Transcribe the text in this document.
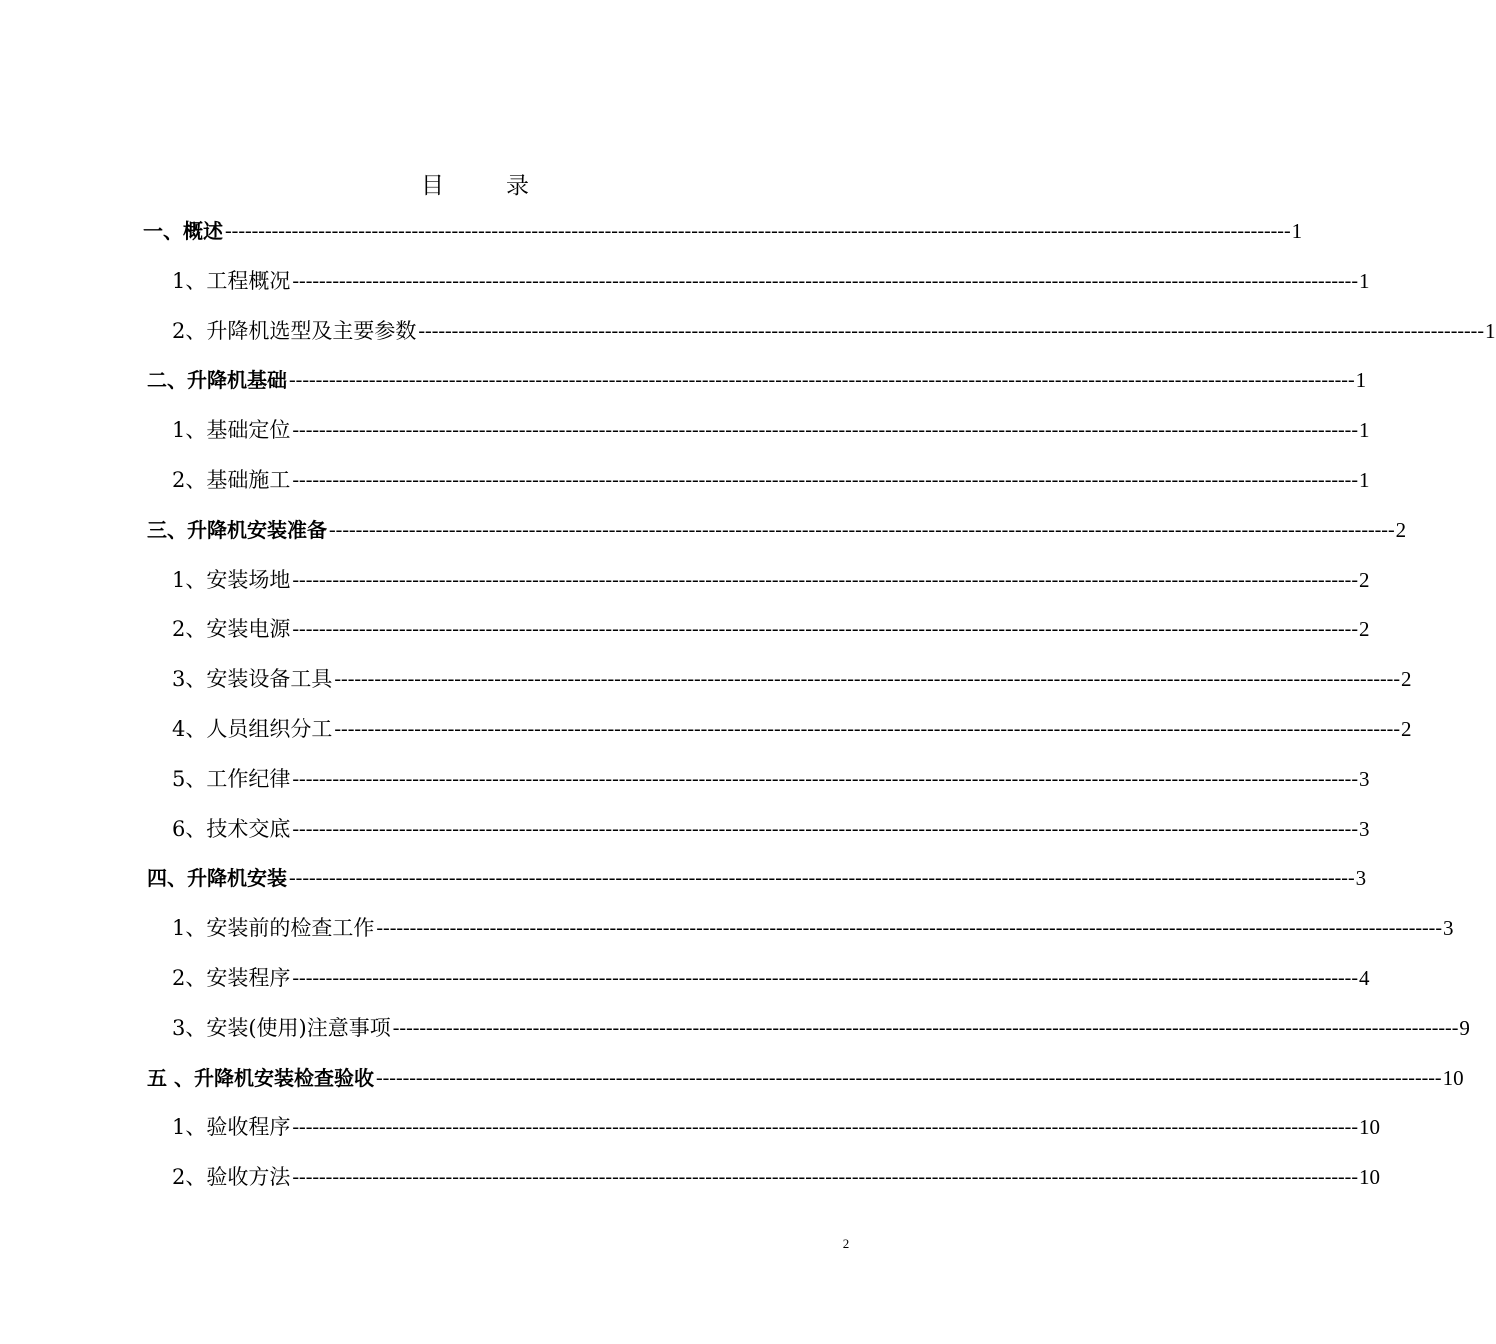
目	录
一、概述 ---------------------------------------------------------------------------------------------------------------------------------------------------------------- 1
1、工程概况 ---------------------------------------------------------------------------------------------------------------------------------------------------------------- 1
2、升降机选型及主要参数 ---------------------------------------------------------------------------------------------------------------------------------------------------------------- 1
二、升降机基础 ---------------------------------------------------------------------------------------------------------------------------------------------------------------- 1
1、基础定位 ---------------------------------------------------------------------------------------------------------------------------------------------------------------- 1
2、基础施工 ---------------------------------------------------------------------------------------------------------------------------------------------------------------- 1
三、升降机安装准备 ---------------------------------------------------------------------------------------------------------------------------------------------------------------- 2
1、安装场地 ---------------------------------------------------------------------------------------------------------------------------------------------------------------- 2
2、安装电源 ---------------------------------------------------------------------------------------------------------------------------------------------------------------- 2
3、安装设备工具 ---------------------------------------------------------------------------------------------------------------------------------------------------------------- 2
4、人员组织分工 ---------------------------------------------------------------------------------------------------------------------------------------------------------------- 2
5、工作纪律 ---------------------------------------------------------------------------------------------------------------------------------------------------------------- 3
6、技术交底 ---------------------------------------------------------------------------------------------------------------------------------------------------------------- 3
四、升降机安装 ---------------------------------------------------------------------------------------------------------------------------------------------------------------- 3
1、安装前的检查工作 ---------------------------------------------------------------------------------------------------------------------------------------------------------------- 3
2、安装程序 ---------------------------------------------------------------------------------------------------------------------------------------------------------------- 4
3、安装(使用)注意事项 ---------------------------------------------------------------------------------------------------------------------------------------------------------------- 9
五 、升降机安装检查验收 ---------------------------------------------------------------------------------------------------------------------------------------------------------------- 10
1、验收程序 ---------------------------------------------------------------------------------------------------------------------------------------------------------------- 10
2、验收方法 ---------------------------------------------------------------------------------------------------------------------------------------------------------------- 10
2
